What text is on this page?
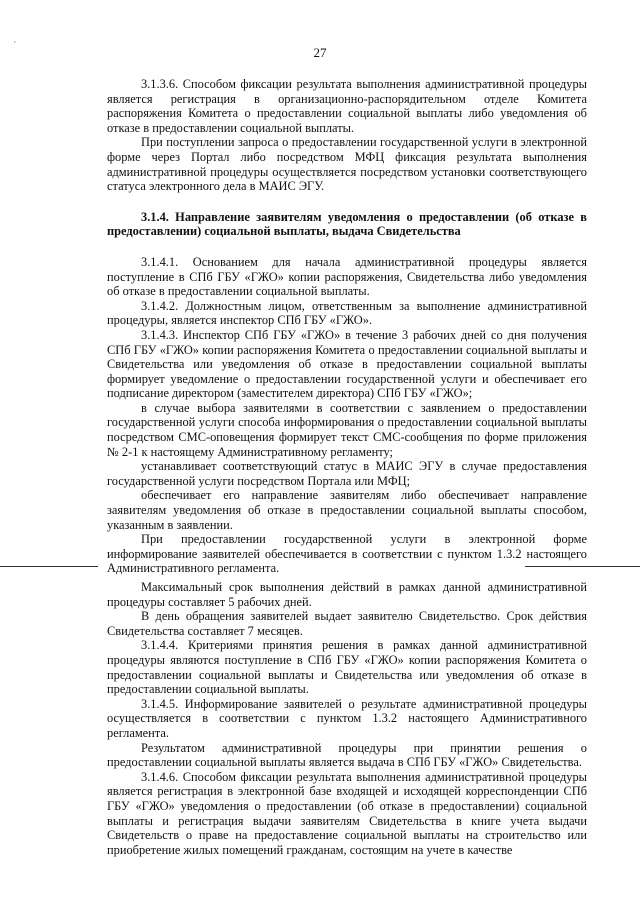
'	27

3.1.3.6. Способом фиксации результата выполнения административной процедуры является регистрация в организационно-распорядительном отделе Комитета распоряжения Комитета о предоставлении социальной выплаты либо уведомления об отказе в предоставлении социальной выплаты.

При поступлении запроса о предоставлении государственной услуги в электронной форме через Портал либо посредством МФЦ фиксация результата выполнения административной процедуры осуществляется посредством установки соответствующего статуса электронного дела в МАИС ЭГУ.

3.1.4. Направление заявителям уведомления о предоставлении (об отказе в предоставлении) социальной выплаты, выдача Свидетельства

3.1.4.1. Основанием для начала административной процедуры является поступление в СПб ГБУ «ГЖО» копии распоряжения, Свидетельства либо уведомления об отказе в предоставлении социальной выплаты.

3.1.4.2. Должностным лицом, ответственным за выполнение административной процедуры, является инспектор СПб ГБУ «ГЖО».

3.1.4.3. Инспектор СПб ГБУ «ГЖО» в течение 3 рабочих дней со дня получения СПб ГБУ «ГЖО» копии распоряжения Комитета о предоставлении социальной выплаты и Свидетельства или уведомления об отказе в предоставлении социальной выплаты формирует уведомление о предоставлении государственной услуги и обеспечивает его подписание директором (заместителем директора) СПб ГБУ «ГЖО»;

в случае выбора заявителями в соответствии с заявлением о предоставлении государственной услуги способа информирования о предоставлении социальной выплаты посредством СМС-оповещения формирует текст СМС-сообщения по форме приложения № 2-1 к настоящему Административному регламенту;

устанавливает соответствующий статус в МАИС ЭГУ в случае предоставления государственной услуги посредством Портала или МФЦ;

обеспечивает его направление заявителям либо обеспечивает направление заявителям уведомления об отказе в предоставлении социальной выплаты способом, указанным в заявлении.

При предоставлении государственной услуги в электронной форме информирование заявителей обеспечивается в соответствии с пунктом 1.3.2 настоящего Административного регламента.

Максимальный срок выполнения действий в рамках данной административной процедуры составляет 5 рабочих дней.

В день обращения заявителей выдает заявителю Свидетельство. Срок действия Свидетельства составляет 7 месяцев.

3.1.4.4. Критериями принятия решения в рамках данной административной процедуры являются поступление в СПб ГБУ «ГЖО» копии распоряжения Комитета о предоставлении социальной выплаты и Свидетельства или уведомления об отказе в предоставлении социальной выплаты.

3.1.4.5. Информирование заявителей о результате административной процедуры осуществляется в соответствии с пунктом 1.3.2 настоящего Административного регламента.

Результатом административной процедуры при принятии решения о предоставлении социальной выплаты является выдача в СПб ГБУ «ГЖО» Свидетельства.

3.1.4.6. Способом фиксации результата выполнения административной процедуры является регистрация в электронной базе входящей и исходящей корреспонденции СПб ГБУ «ГЖО» уведомления о предоставлении (об отказе в предоставлении) социальной выплаты и регистрация выдачи заявителям Свидетельства в книге учета выдачи Свидетельств о праве на предоставление социальной выплаты на строительство или приобретение жилых помещений гражданам, состоящим на учете в качестве
